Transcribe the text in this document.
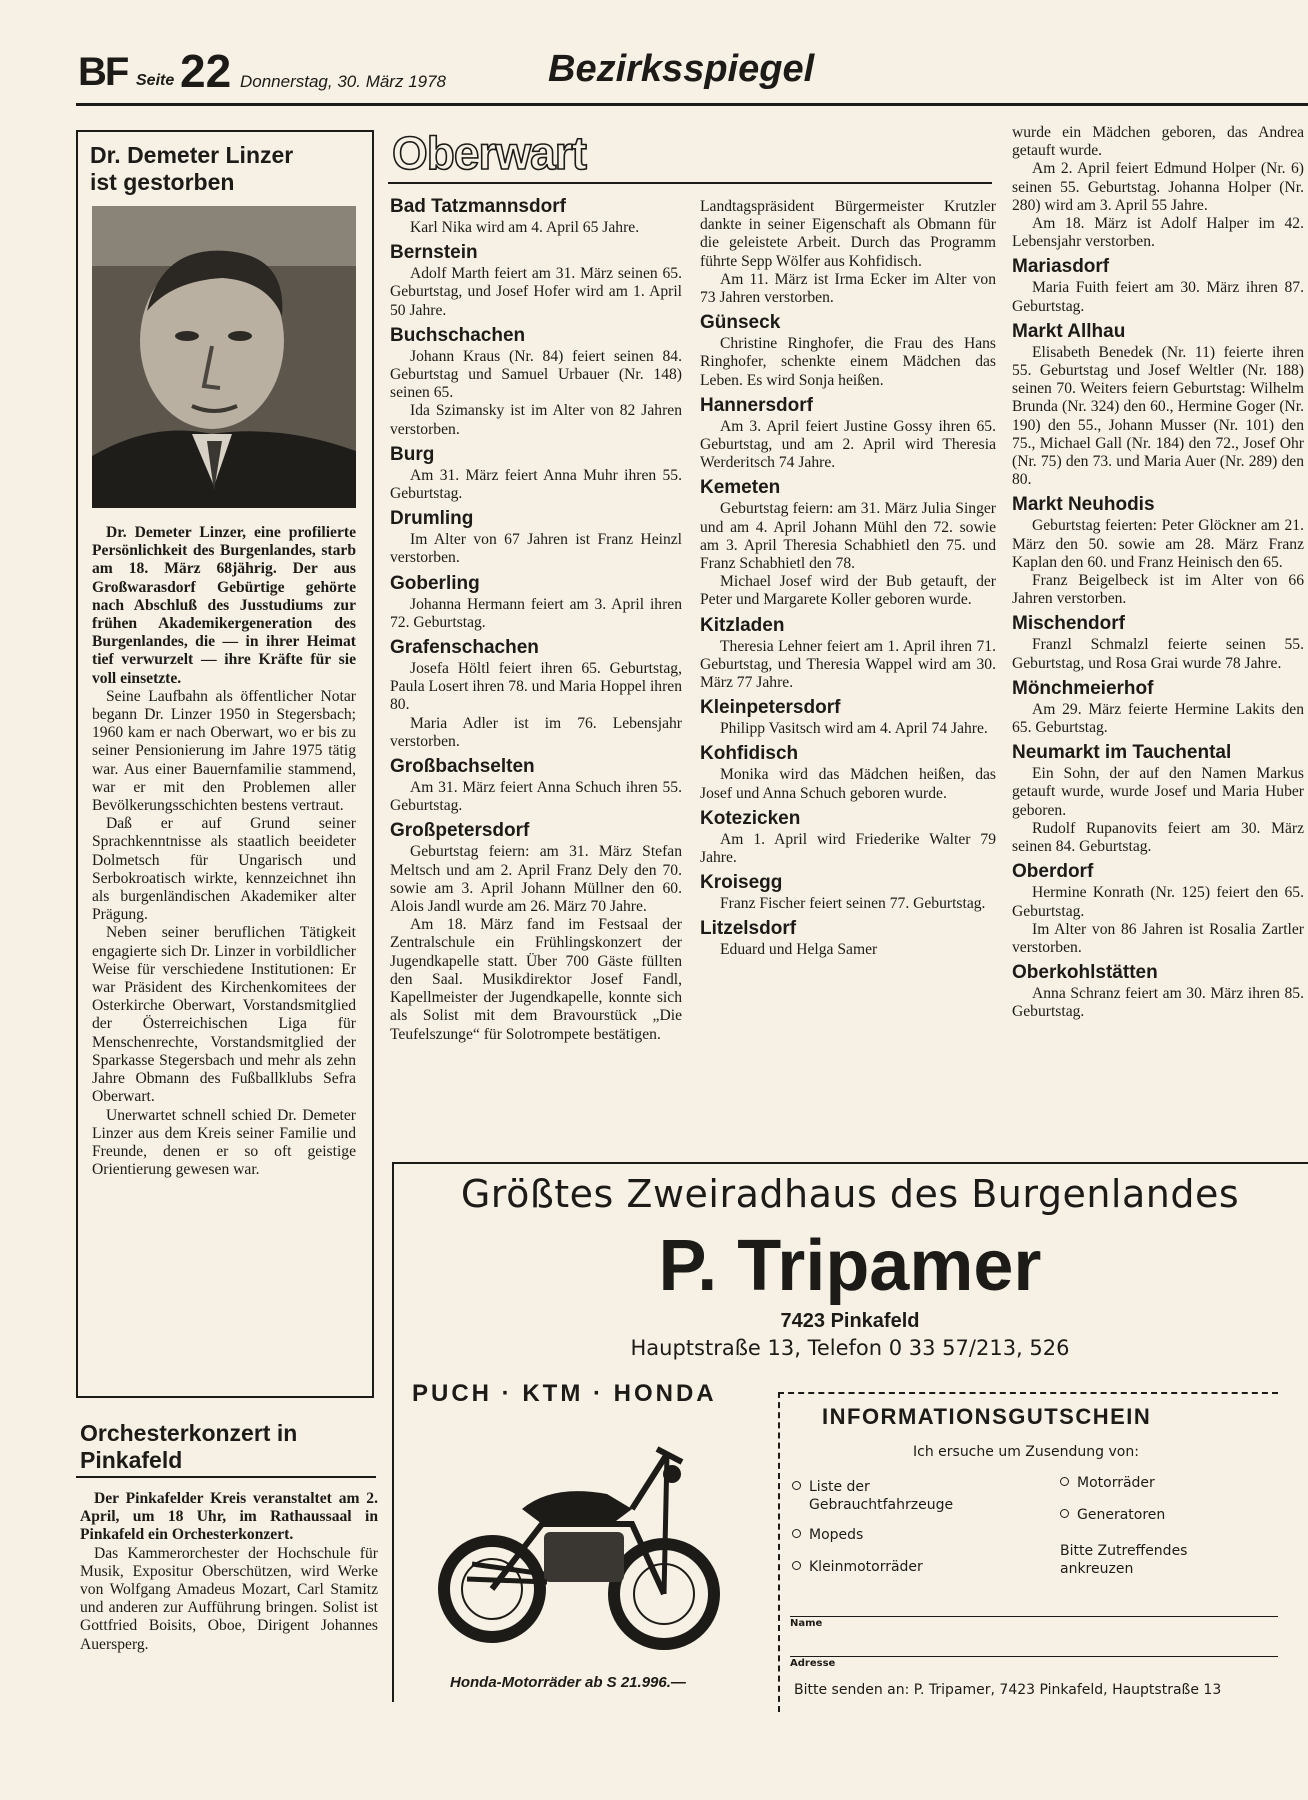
BF Seite 22 Donnerstag, 30. März 1978	Bezirksspiegel
Dr. Demeter Linzer
ist gestorben

Dr. Demeter Linzer, eine profilierte Persönlichkeit des Burgenlandes, starb am 18. März 68jährig. Der aus Großwarasdorf Gebürtige gehörte nach Abschluß des Jusstudiums zur frühen Akademikergeneration des Burgenlandes, die — in ihrer Heimat tief verwurzelt — ihre Kräfte für sie voll einsetzte.

Seine Laufbahn als öffentlicher Notar begann Dr. Linzer 1950 in Stegersbach; 1960 kam er nach Oberwart, wo er bis zu seiner Pensionierung im Jahre 1975 tätig war. Aus einer Bauernfamilie stammend, war er mit den Problemen aller Bevölkerungsschichten bestens vertraut.

Daß er auf Grund seiner Sprachkenntnisse als staatlich beeideter Dolmetsch für Ungarisch und Serbokroatisch wirkte, kennzeichnet ihn als burgenländischen Akademiker alter Prägung.

Neben seiner beruflichen Tätigkeit engagierte sich Dr. Linzer in vorbildlicher Weise für verschiedene Institutionen: Er war Präsident des Kirchenkomitees der Osterkirche Oberwart, Vorstandsmitglied der Österreichischen Liga für Menschenrechte, Vorstandsmitglied der Sparkasse Stegersbach und mehr als zehn Jahre Obmann des Fußballklubs Sefra Oberwart.

Unerwartet schnell schied Dr. Demeter Linzer aus dem Kreis seiner Familie und Freunde, denen er so oft geistige Orientierung gewesen war.

Orchesterkonzert in
Pinkafeld

Der Pinkafelder Kreis veranstaltet am 2. April, um 18 Uhr, im Rathaussaal in Pinkafeld ein Orchesterkonzert.

Das Kammerorchester der Hochschule für Musik, Expositur Oberschützen, wird Werke von Wolfgang Amadeus Mozart, Carl Stamitz und anderen zur Aufführung bringen. Solist ist Gottfried Boisits, Oboe, Dirigent Johannes Auersperg.

Oberwart
Bad Tatzmannsdorf

Karl Nika wird am 4. April 65 Jahre.

Bernstein

Adolf Marth feiert am 31. März seinen 65. Geburtstag, und Josef Hofer wird am 1. April 50 Jahre.

Buchschachen

Johann Kraus (Nr. 84) feiert seinen 84. Geburtstag und Samuel Urbauer (Nr. 148) seinen 65.

Ida Szimansky ist im Alter von 82 Jahren verstorben.

Burg

Am 31. März feiert Anna Muhr ihren 55. Geburtstag.

Drumling

Im Alter von 67 Jahren ist Franz Heinzl verstorben.

Goberling

Johanna Hermann feiert am 3. April ihren 72. Geburtstag.

Grafenschachen

Josefa Höltl feiert ihren 65. Geburtstag, Paula Losert ihren 78. und Maria Hoppel ihren 80.

Maria Adler ist im 76. Lebensjahr verstorben.

Großbachselten

Am 31. März feiert Anna Schuch ihren 55. Geburtstag.

Großpetersdorf

Geburtstag feiern: am 31. März Stefan Meltsch und am 2. April Franz Dely den 70. sowie am 3. April Johann Müllner den 60. Alois Jandl wurde am 26. März 70 Jahre.

Am 18. März fand im Festsaal der Zentralschule ein Frühlingskonzert der Jugendkapelle statt. Über 700 Gäste füllten den Saal. Musikdirektor Josef Fandl, Kapellmeister der Jugendkapelle, konnte sich als Solist mit dem Bravourstück „Die Teufelszunge“ für Solotrompete bestätigen.

Landtagspräsident Bürgermeister Krutzler dankte in seiner Eigenschaft als Obmann für die geleistete Arbeit. Durch das Programm führte Sepp Wölfer aus Kohfidisch.

Am 11. März ist Irma Ecker im Alter von 73 Jahren verstorben.

Günseck

Christine Ringhofer, die Frau des Hans Ringhofer, schenkte einem Mädchen das Leben. Es wird Sonja heißen.

Hannersdorf

Am 3. April feiert Justine Gossy ihren 65. Geburtstag, und am 2. April wird Theresia Werderitsch 74 Jahre.

Kemeten

Geburtstag feiern: am 31. März Julia Singer und am 4. April Johann Mühl den 72. sowie am 3. April Theresia Schabhietl den 75. und Franz Schabhietl den 78.

Michael Josef wird der Bub getauft, der Peter und Margarete Koller geboren wurde.

Kitzladen

Theresia Lehner feiert am 1. April ihren 71. Geburtstag, und Theresia Wappel wird am 30. März 77 Jahre.

Kleinpetersdorf

Philipp Vasitsch wird am 4. April 74 Jahre.

Kohfidisch

Monika wird das Mädchen heißen, das Josef und Anna Schuch geboren wurde.

Kotezicken

Am 1. April wird Friederike Walter 79 Jahre.

Kroisegg

Franz Fischer feiert seinen 77. Geburtstag.

Litzelsdorf

Eduard und Helga Samer

wurde ein Mädchen geboren, das Andrea getauft wurde.

Am 2. April feiert Edmund Holper (Nr. 6) seinen 55. Geburtstag. Johanna Holper (Nr. 280) wird am 3. April 55 Jahre.

Am 18. März ist Adolf Halper im 42. Lebensjahr verstorben.

Mariasdorf

Maria Fuith feiert am 30. März ihren 87. Geburtstag.

Markt Allhau

Elisabeth Benedek (Nr. 11) feierte ihren 55. Geburtstag und Josef Weltler (Nr. 188) seinen 70. Weiters feiern Geburtstag: Wilhelm Brunda (Nr. 324) den 60., Hermine Goger (Nr. 190) den 55., Johann Musser (Nr. 101) den 75., Michael Gall (Nr. 184) den 72., Josef Ohr (Nr. 75) den 73. und Maria Auer (Nr. 289) den 80.

Markt Neuhodis

Geburtstag feierten: Peter Glöckner am 21. März den 50. sowie am 28. März Franz Kaplan den 60. und Franz Heinisch den 65.

Franz Beigelbeck ist im Alter von 66 Jahren verstorben.

Mischendorf

Franzl Schmalzl feierte seinen 55. Geburtstag, und Rosa Grai wurde 78 Jahre.

Mönchmeierhof

Am 29. März feierte Hermine Lakits den 65. Geburtstag.

Neumarkt im Tauchental

Ein Sohn, der auf den Namen Markus getauft wurde, wurde Josef und Maria Huber geboren.

Rudolf Rupanovits feiert am 30. März seinen 84. Geburtstag.

Oberdorf

Hermine Konrath (Nr. 125) feiert den 65. Geburtstag.

Im Alter von 86 Jahren ist Rosalia Zartler verstorben.

Oberkohlstätten

Anna Schranz feiert am 30. März ihren 85. Geburtstag.

Größtes Zweiradhaus des Burgenlandes
P. Tripamer
7423 Pinkafeld
Hauptstraße 13, Telefon 0 33 57/213, 526
PUCH · KTM · HONDA
Honda-Motorräder ab S 21.996.—
INFORMATIONSGUTSCHEIN
Ich ersuche um Zusendung von:
Liste der
Gebrauchtfahrzeuge
Mopeds
Kleinmotorräder
Motorräder
Generatoren
Bitte Zutreffendes
ankreuzen
Name
Adresse
Bitte senden an: P. Tripamer, 7423 Pinkafeld, Hauptstraße 13
